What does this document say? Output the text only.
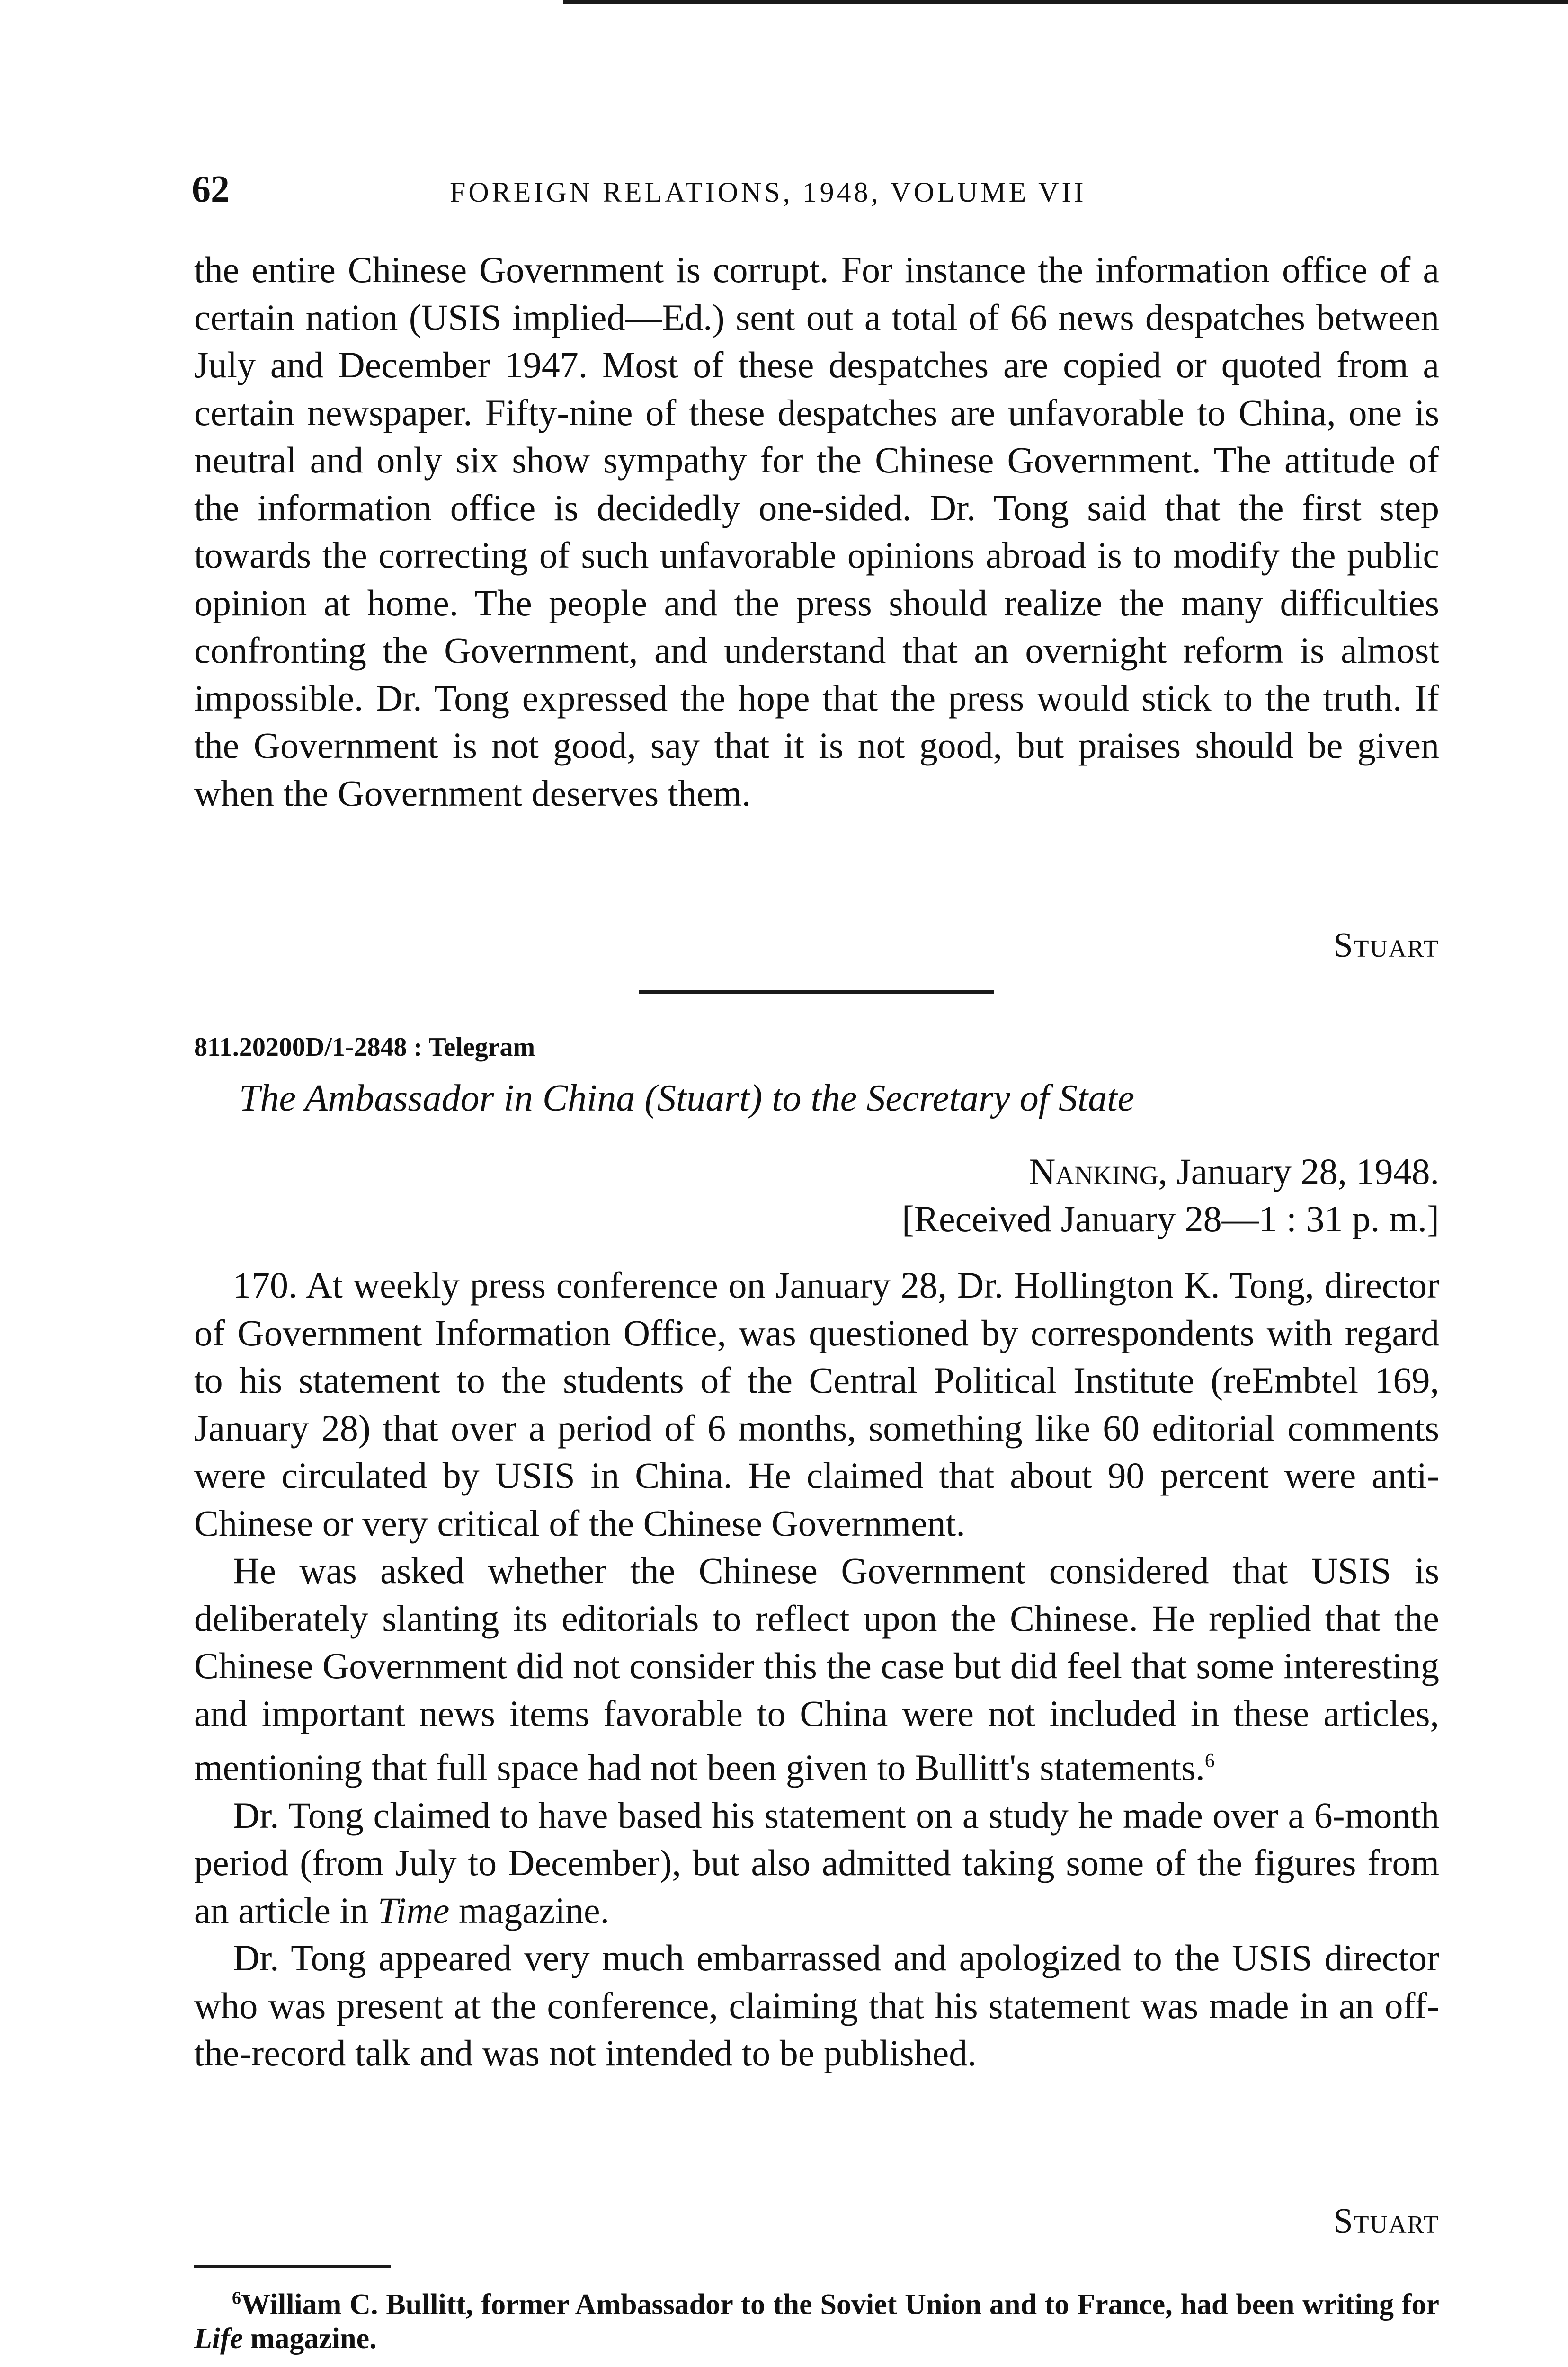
62	FOREIGN RELATIONS, 1948, VOLUME VII

the entire Chinese Government is corrupt. For instance the information office of a certain nation (USIS implied—Ed.) sent out a total of 66 news despatches between July and December 1947. Most of these despatches are copied or quoted from a certain newspaper. Fifty-nine of these despatches are unfavorable to China, one is neutral and only six show sympathy for the Chinese Government. The attitude of the information office is decidedly one-sided. Dr. Tong said that the first step towards the correcting of such unfavorable opinions abroad is to modify the public opinion at home. The people and the press should realize the many difficulties confronting the Government, and understand that an overnight reform is almost impossible. Dr. Tong expressed the hope that the press would stick to the truth. If the Government is not good, say that it is not good, but praises should be given when the Government deserves them.

Stuart
811.20200D/1-2848 : Telegram
The Ambassador in China (Stuart) to the Secretary of State
Nanking, January 28, 1948.
[Received January 28—1 : 31 p. m.]

170. At weekly press conference on January 28, Dr. Hollington K. Tong, director of Government Information Office, was questioned by correspondents with regard to his statement to the students of the Central Political Institute (reEmbtel 169, January 28) that over a period of 6 months, something like 60 editorial comments were circulated by USIS in China. He claimed that about 90 percent were anti-Chinese or very critical of the Chinese Government.

He was asked whether the Chinese Government considered that USIS is deliberately slanting its editorials to reflect upon the Chinese. He replied that the Chinese Government did not consider this the case but did feel that some interesting and important news items favorable to China were not included in these articles, mentioning that full space had not been given to Bullitt's statements.$^6$

Dr. Tong claimed to have based his statement on a study he made over a 6-month period (from July to December), but also admitted taking some of the figures from an article in Time magazine.

Dr. Tong appeared very much embarrassed and apologized to the USIS director who was present at the conference, claiming that his statement was made in an off-the-record talk and was not intended to be published.

Stuart
$^6$William C. Bullitt, former Ambassador to the Soviet Union and to France, had been writing for Life magazine.
